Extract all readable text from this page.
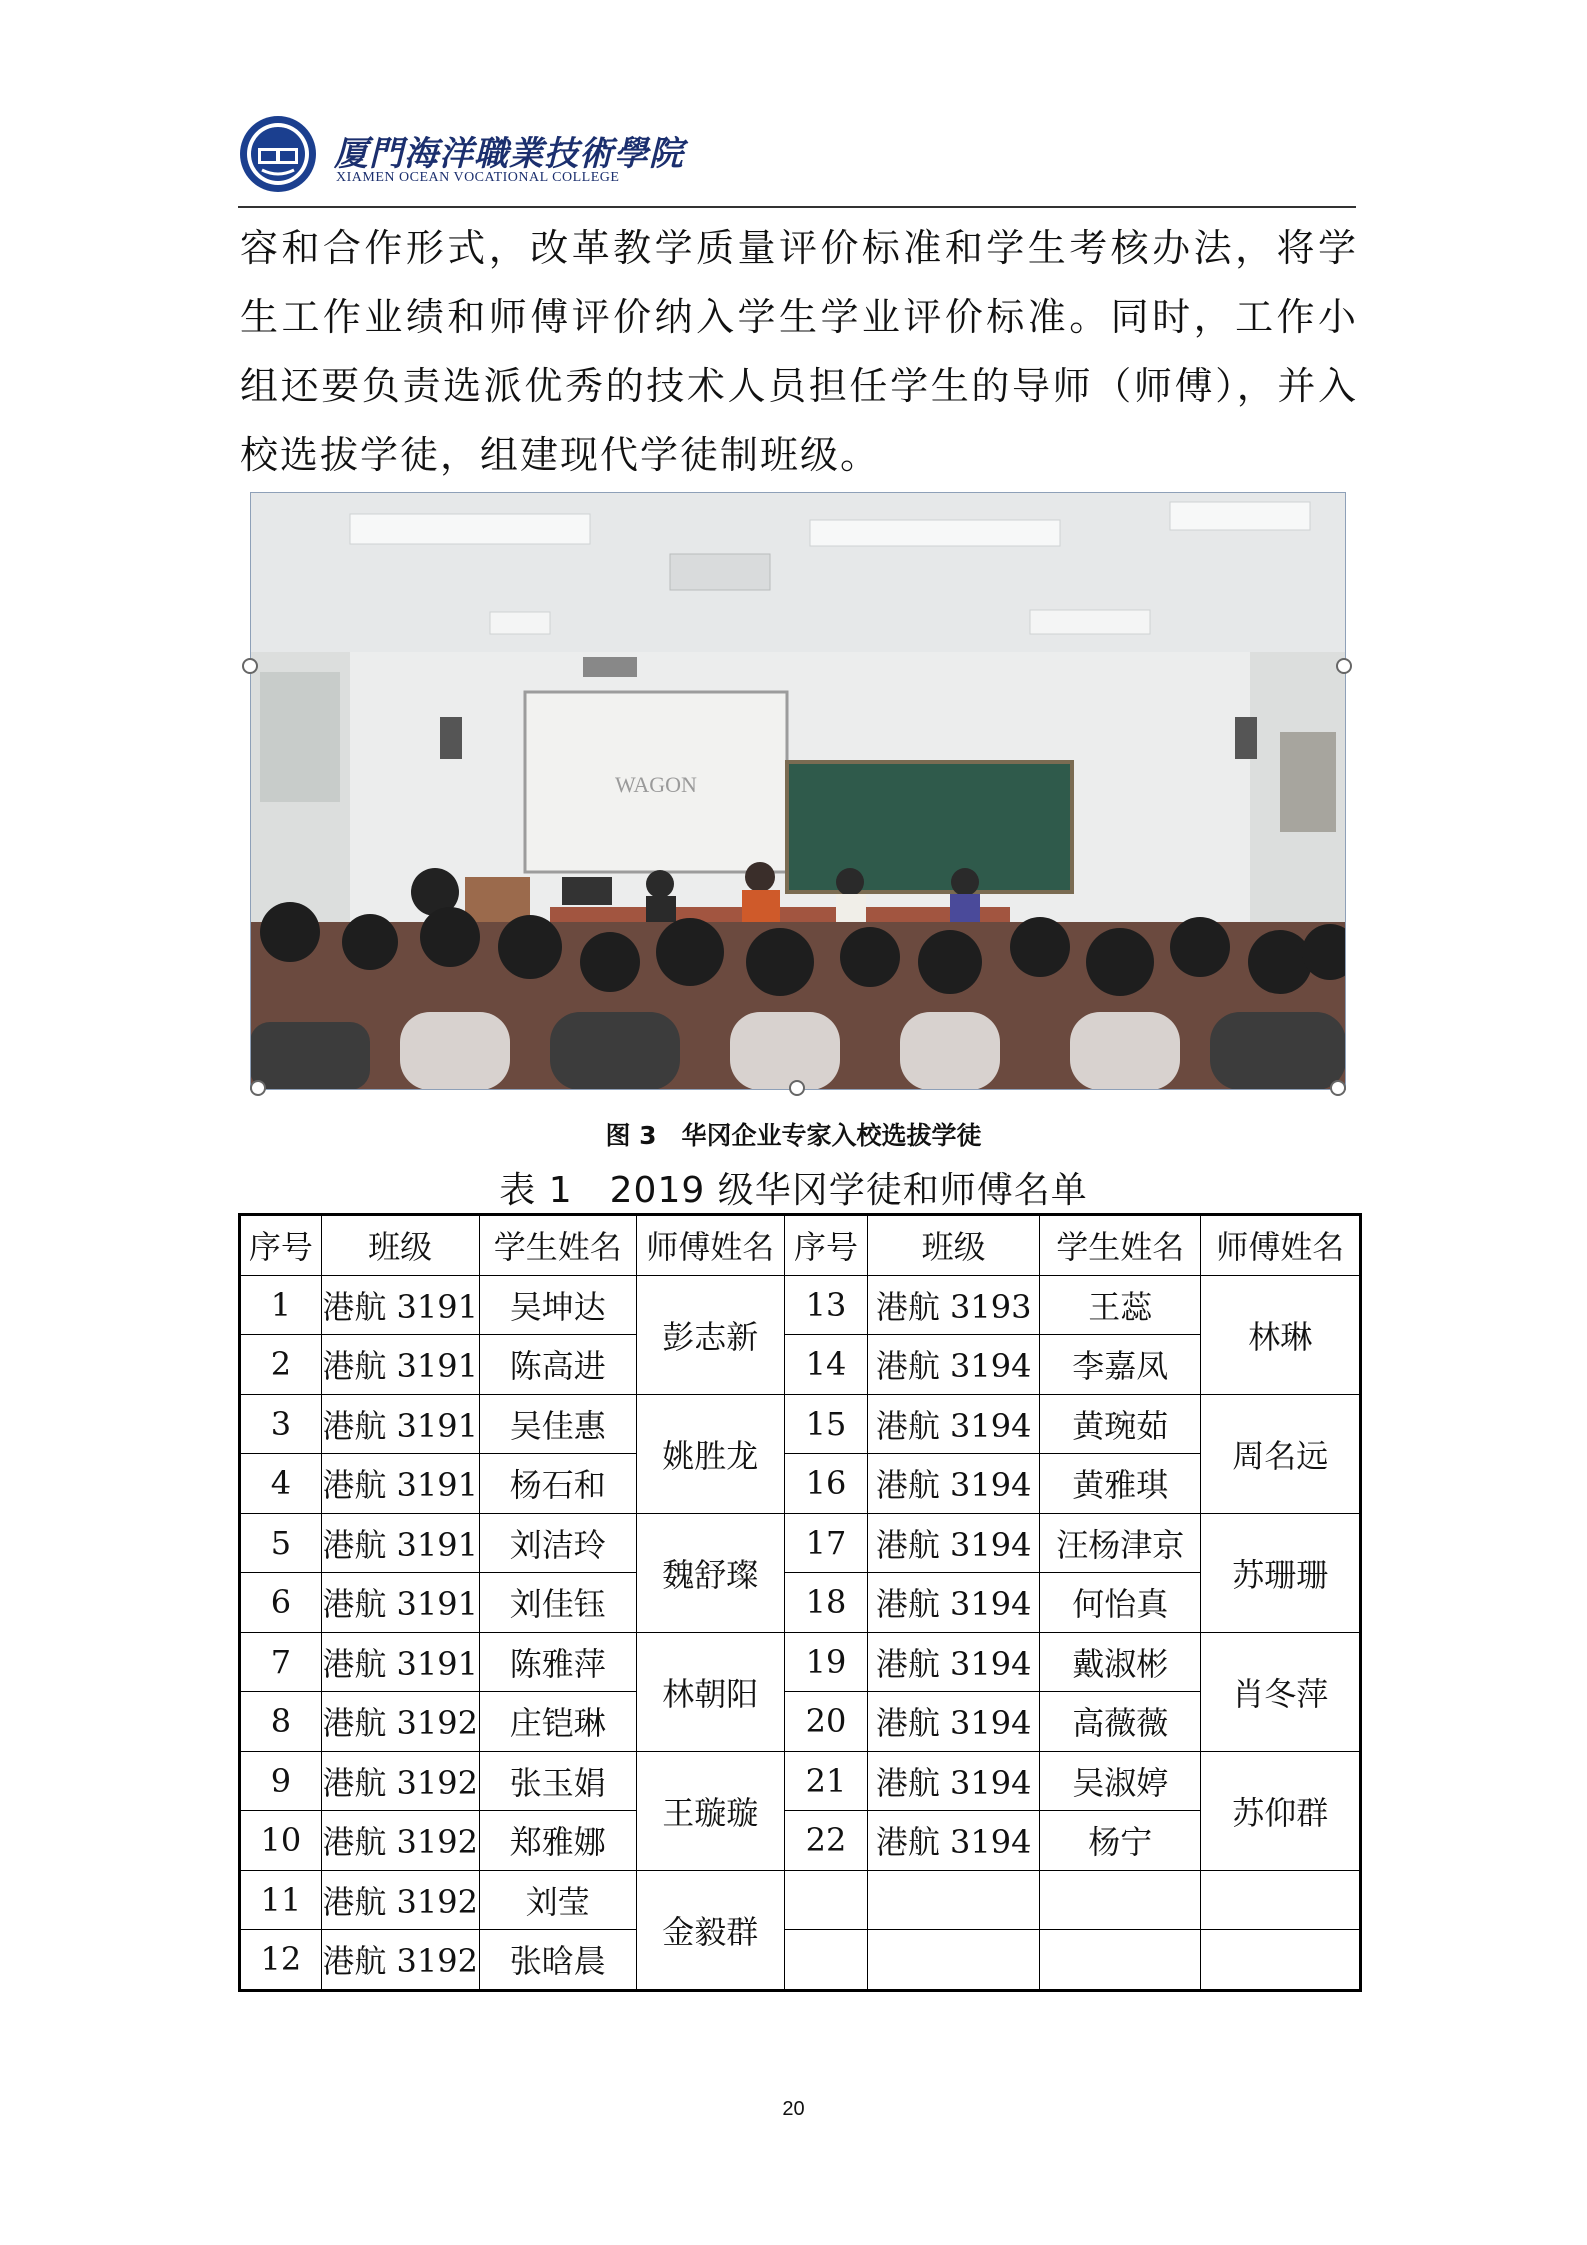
厦門海洋職業技術學院
XIAMEN OCEAN VOCATIONAL COLLEGE
容和合作形式，改革教学质量评价标准和学生考核办法，将学生工作业绩和师傅评价纳入学生学业评价标准。同时，工作小组还要负责选派优秀的技术人员担任学生的导师（师傅），并入校选拔学徒，组建现代学徒制班级。
WAGON
图 3　华冈企业专家入校选拔学徒
表 1　2019 级华冈学徒和师傅名单
序号	班级	学生姓名	师傅姓名	序号	班级	学生姓名	师傅姓名
1	港航 3191	吴坤达	彭志新	13	港航 3193	王蕊	林琳
2	港航 3191	陈高进		14	港航 3194	李嘉凤	
3	港航 3191	吴佳惠	姚胜龙	15	港航 3194	黄琬茹	周名远
4	港航 3191	杨石和		16	港航 3194	黄雅琪	
5	港航 3191	刘洁玲	魏舒璨	17	港航 3194	汪杨津京	苏珊珊
6	港航 3191	刘佳钰		18	港航 3194	何怡真	
7	港航 3191	陈雅萍	林朝阳	19	港航 3194	戴淑彬	肖冬萍
8	港航 3192	庄铠琳		20	港航 3194	高薇薇	
9	港航 3192	张玉娟	王璇璇	21	港航 3194	吴淑婷	苏仰群
10	港航 3192	郑雅娜		22	港航 3194	杨宁	
11	港航 3192	刘莹	金毅群				
12	港航 3192	张晗晨					
20
